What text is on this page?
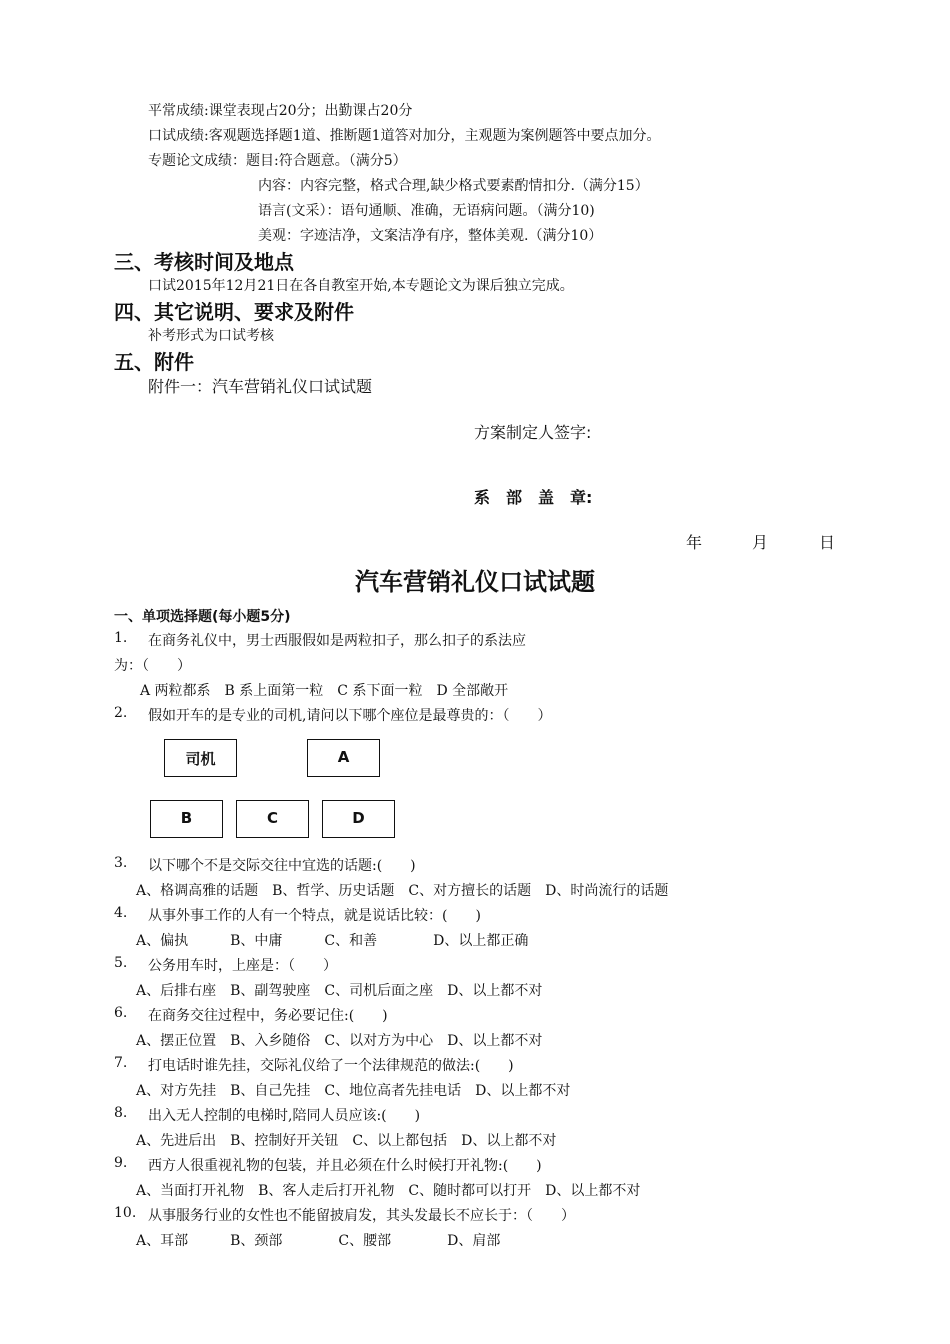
平常成绩:课堂表现占20分；出勤课占20分
口试成绩:客观题选择题1道、推断题1道答对加分，主观题为案例题答中要点加分。
专题论文成绩：题目:符合题意。（满分5）
内容：内容完整，格式合理,缺少格式要素酌情扣分.（满分15）
语言(文采）：语句通顺、准确，无语病问题。（满分10)
美观：字迹洁净，文案洁净有序，整体美观.（满分10）
三、考核时间及地点
口试2015年12月21日在各自教室开始,本专题论文为课后独立完成。
四、其它说明、要求及附件
补考形式为口试考核
五、附件
附件一：汽车营销礼仪口试试题
方案制定人签字:
系　部　盖　章:
年	月	日
汽车营销礼仪口试试题
一、单项选择题(每小题5分)
1. 在商务礼仪中，男士西服假如是两粒扣子，那么扣子的系法应
为：（　　）
A 两粒都系　B 系上面第一粒　C 系下面一粒　D 全部敞开
2. 假如开车的是专业的司机,请问以下哪个座位是最尊贵的：（　　）
司机	A
B	C	D
3. 以下哪个不是交际交往中宜选的话题:(　　)
A、格调高雅的话题　B、哲学、历史话题　C、对方擅长的话题　D、时尚流行的话题
4. 从事外事工作的人有一个特点，就是说话比较：(　　)
A、偏执　　　B、中庸　　　C、和善　　　　D、以上都正确
5. 公务用车时，上座是：（　　）
A、后排右座　B、副驾驶座　C、司机后面之座　D、以上都不对
6. 在商务交往过程中，务必要记住:(　　)
A、摆正位置　B、入乡随俗　C、以对方为中心　D、以上都不对
7. 打电话时谁先挂，交际礼仪给了一个法律规范的做法:(　　)
A、对方先挂　B、自己先挂　C、地位高者先挂电话　D、以上都不对
8. 出入无人控制的电梯时,陪同人员应该:(　　)
A、先进后出　B、控制好开关钮　C、以上都包括　D、以上都不对
9. 西方人很重视礼物的包装，并且必须在什么时候打开礼物:(　　)
A、当面打开礼物　B、客人走后打开礼物　C、随时都可以打开　D、以上都不对
10. 从事服务行业的女性也不能留披肩发，其头发最长不应长于：（　　）
A、耳部　　　B、颈部　　　　C、腰部　　　　D、肩部
